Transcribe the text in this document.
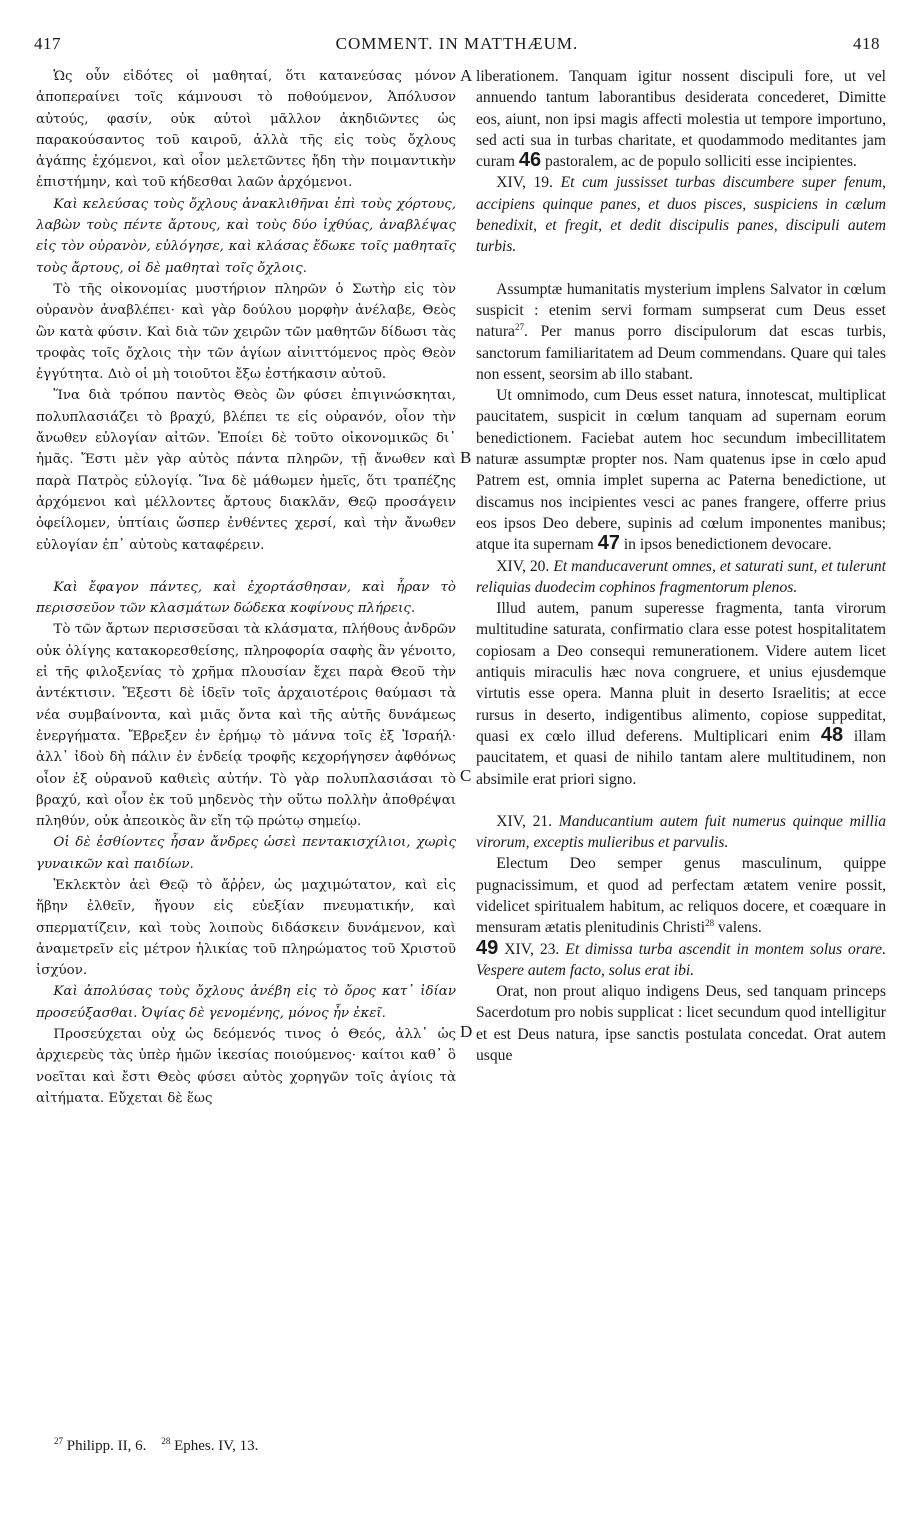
417	COMMENT. IN MATTHÆUM.	418
A
B
C
D

Ὡς οὖν εἰδότες οἱ μαθηταί, ὅτι κατανεύσας μόνον ἀποπεραίνει τοῖς κάμνουσι τὸ ποθούμενον, Ἀπόλυσον αὐτούς, φασίν, οὐκ αὐτοὶ μᾶλλον ἀκηδιῶντες ὡς παρακούσαντος τοῦ καιροῦ, ἀλλὰ τῆς εἰς τοὺς ὄχλους ἀγάπης ἐχόμενοι, καὶ οἷον μελετῶντες ἤδη τὴν ποιμαντικὴν ἐπιστήμην, καὶ τοῦ κήδεσθαι λαῶν ἀρχόμενοι.

Καὶ κελεύσας τοὺς ὄχλους ἀνακλιθῆναι ἐπὶ τοὺς χόρτους, λαβὼν τοὺς πέντε ἄρτους, καὶ τοὺς δύο ἰχθύας, ἀναβλέψας εἰς τὸν οὐρανὸν, εὐλόγησε, καὶ κλάσας ἔδωκε τοῖς μαθηταῖς τοὺς ἄρτους, οἱ δὲ μαθηταὶ τοῖς ὄχλοις.

Τὸ τῆς οἰκονομίας μυστήριον πληρῶν ὁ Σωτὴρ εἰς τὸν οὐρανὸν ἀναβλέπει· καὶ γὰρ δούλου μορφὴν ἀνέλαβε, Θεὸς ὢν κατὰ φύσιν. Καὶ διὰ τῶν χειρῶν τῶν μαθητῶν δίδωσι τὰς τροφὰς τοῖς ὄχλοις τὴν τῶν ἁγίων αἰνιττόμενος πρὸς Θεὸν ἐγγύτητα. Διὸ οἱ μὴ τοιοῦτοι ἔξω ἑστήκασιν αὐτοῦ.

Ἵνα διὰ τρόπου παντὸς Θεὸς ὢν φύσει ἐπιγινώσκηται, πολυπλασιάζει τὸ βραχύ, βλέπει τε εἰς οὐρανόν, οἷον τὴν ἄνωθεν εὐλογίαν αἰτῶν. Ἐποίει δὲ τοῦτο οἰκονομικῶς δι᾽ ἡμᾶς. Ἔστι μὲν γὰρ αὐτὸς πάντα πληρῶν, τῇ ἄνωθεν καὶ παρὰ Πατρὸς εὐλογίᾳ. Ἵνα δὲ μάθωμεν ἡμεῖς, ὅτι τραπέζης ἀρχόμενοι καὶ μέλλοντες ἄρτους διακλᾶν, Θεῷ προσάγειν ὀφείλομεν, ὑπτίαις ὥσπερ ἐνθέντες χερσί, καὶ τὴν ἄνωθεν εὐλογίαν ἐπ᾽ αὐτοὺς καταφέρειν.

Καὶ ἔφαγον πάντες, καὶ ἐχορτάσθησαν, καὶ ἦραν τὸ περισσεῦον τῶν κλασμάτων δώδεκα κοφίνους πλήρεις.

Τὸ τῶν ἄρτων περισσεῦσαι τὰ κλάσματα, πλήθους ἀνδρῶν οὐκ ὀλίγης κατακορεσθείσης, πληροφορία σαφὴς ἂν γένοιτο, εἰ τῆς φιλοξενίας τὸ χρῆμα πλουσίαν ἔχει παρὰ Θεοῦ τὴν ἀντέκτισιν. Ἔξεστι δὲ ἰδεῖν τοῖς ἀρχαιοτέροις θαύμασι τὰ νέα συμβαίνοντα, καὶ μιᾶς ὄντα καὶ τῆς αὐτῆς δυνάμεως ἐνεργήματα. Ἔβρεξεν ἐν ἐρήμῳ τὸ μάννα τοῖς ἐξ Ἰσραήλ· ἀλλ᾽ ἰδοὺ δὴ πάλιν ἐν ἐνδείᾳ τροφῆς κεχορήγησεν ἀφθόνως οἷον ἐξ οὐρανοῦ καθιεὶς αὐτήν. Τὸ γὰρ πολυπλασιάσαι τὸ βραχύ, καὶ οἷον ἐκ τοῦ μηδενὸς τὴν οὕτω πολλὴν ἀποθρέψαι πληθύν, οὐκ ἀπεοικὸς ἂν εἴη τῷ πρώτῳ σημείῳ.

Οἱ δὲ ἐσθίοντες ἦσαν ἄνδρες ὡσεὶ πεντακισχίλιοι, χωρὶς γυναικῶν καὶ παιδίων.

Ἐκλεκτὸν ἀεὶ Θεῷ τὸ ἄῤῥεν, ὡς μαχιμώτατον, καὶ εἰς ἥβην ἐλθεῖν, ἤγουν εἰς εὐεξίαν πνευματικήν, καὶ σπερματίζειν, καὶ τοὺς λοιποὺς διδάσκειν δυνάμενον, καὶ ἀναμετρεῖν εἰς μέτρον ἡλικίας τοῦ πληρώματος τοῦ Χριστοῦ ἰσχύον.

Καὶ ἀπολύσας τοὺς ὄχλους ἀνέβη εἰς τὸ ὄρος κατ᾽ ἰδίαν προσεύξασθαι. Ὀψίας δὲ γενομένης, μόνος ἦν ἐκεῖ.

Προσεύχεται οὐχ ὡς δεόμενός τινος ὁ Θεός, ἀλλ᾽ ὡς ἀρχιερεὺς τὰς ὑπὲρ ἡμῶν ἱκεσίας ποιούμενος· καίτοι καθ᾽ ὃ νοεῖται καὶ ἔστι Θεὸς φύσει αὐτὸς χορηγῶν τοῖς ἁγίοις τὰ αἰτήματα. Εὔχεται δὲ ἕως

liberationem. Tanquam igitur nossent discipuli fore, ut vel annuendo tantum laborantibus desiderata concederet, Dimitte eos, aiunt, non ipsi magis affecti molestia ut tempore importuno, sed acti sua in turbas charitate, et quodammodo meditantes jam curam 46 pastoralem, ac de populo solliciti esse incipientes.

XIV, 19. Et cum jussisset turbas discumbere super fenum, accipiens quinque panes, et duos pisces, suspiciens in cælum benedixit, et fregit, et dedit discipulis panes, discipuli autem turbis.

Assumptæ humanitatis mysterium implens Salvator in cœlum suspicit : etenim servi formam sumpserat cum Deus esset natura$^{27}$. Per manus porro discipulorum dat escas turbis, sanctorum familiaritatem ad Deum commendans. Quare qui tales non essent, seorsim ab illo stabant.

Ut omnimodo, cum Deus esset natura, innotescat, multiplicat paucitatem, suspicit in cœlum tanquam ad supernam eorum benedictionem. Faciebat autem hoc secundum imbecillitatem naturæ assumptæ propter nos. Nam quatenus ipse in cœlo apud Patrem est, omnia implet superna ac Paterna benedictione, ut discamus nos incipientes vesci ac panes frangere, offerre prius eos ipsos Deo debere, supinis ad cœlum imponentes manibus; atque ita supernam 47 in ipsos benedictionem devocare.

XIV, 20. Et manducaverunt omnes, et saturati sunt, et tulerunt reliquias duodecim cophinos fragmentorum plenos.

Illud autem, panum superesse fragmenta, tanta virorum multitudine saturata, confirmatio clara esse potest hospitalitatem copiosam a Deo consequi remunerationem. Videre autem licet antiquis miraculis hæc nova congruere, et unius ejusdemque virtutis esse opera. Manna pluit in deserto Israelitis; at ecce rursus in deserto, indigentibus alimento, copiose suppeditat, quasi ex cœlo illud deferens. Multiplicari enim 48 illam paucitatem, et quasi de nihilo tantam alere multitudinem, non absimile erat priori signo.

XIV, 21. Manducantium autem fuit numerus quinque millia virorum, exceptis mulieribus et parvulis.

Electum Deo semper genus masculinum, quippe pugnacissimum, et quod ad perfectam ætatem venire possit, videlicet spiritualem habitum, ac reliquos docere, et coæquare in mensuram ætatis plenitudinis Christi$^{28}$ valens.

49 XIV, 23. Et dimissa turba ascendit in montem solus orare. Vespere autem facto, solus erat ibi.

Orat, non prout aliquo indigens Deus, sed tanquam princeps Sacerdotum pro nobis supplicat : licet secundum quod intelligitur et est Deus natura, ipse sanctis postulata concedat. Orat autem usque

$^{27}$ Philipp. II, 6. $^{28}$ Ephes. IV, 13.
